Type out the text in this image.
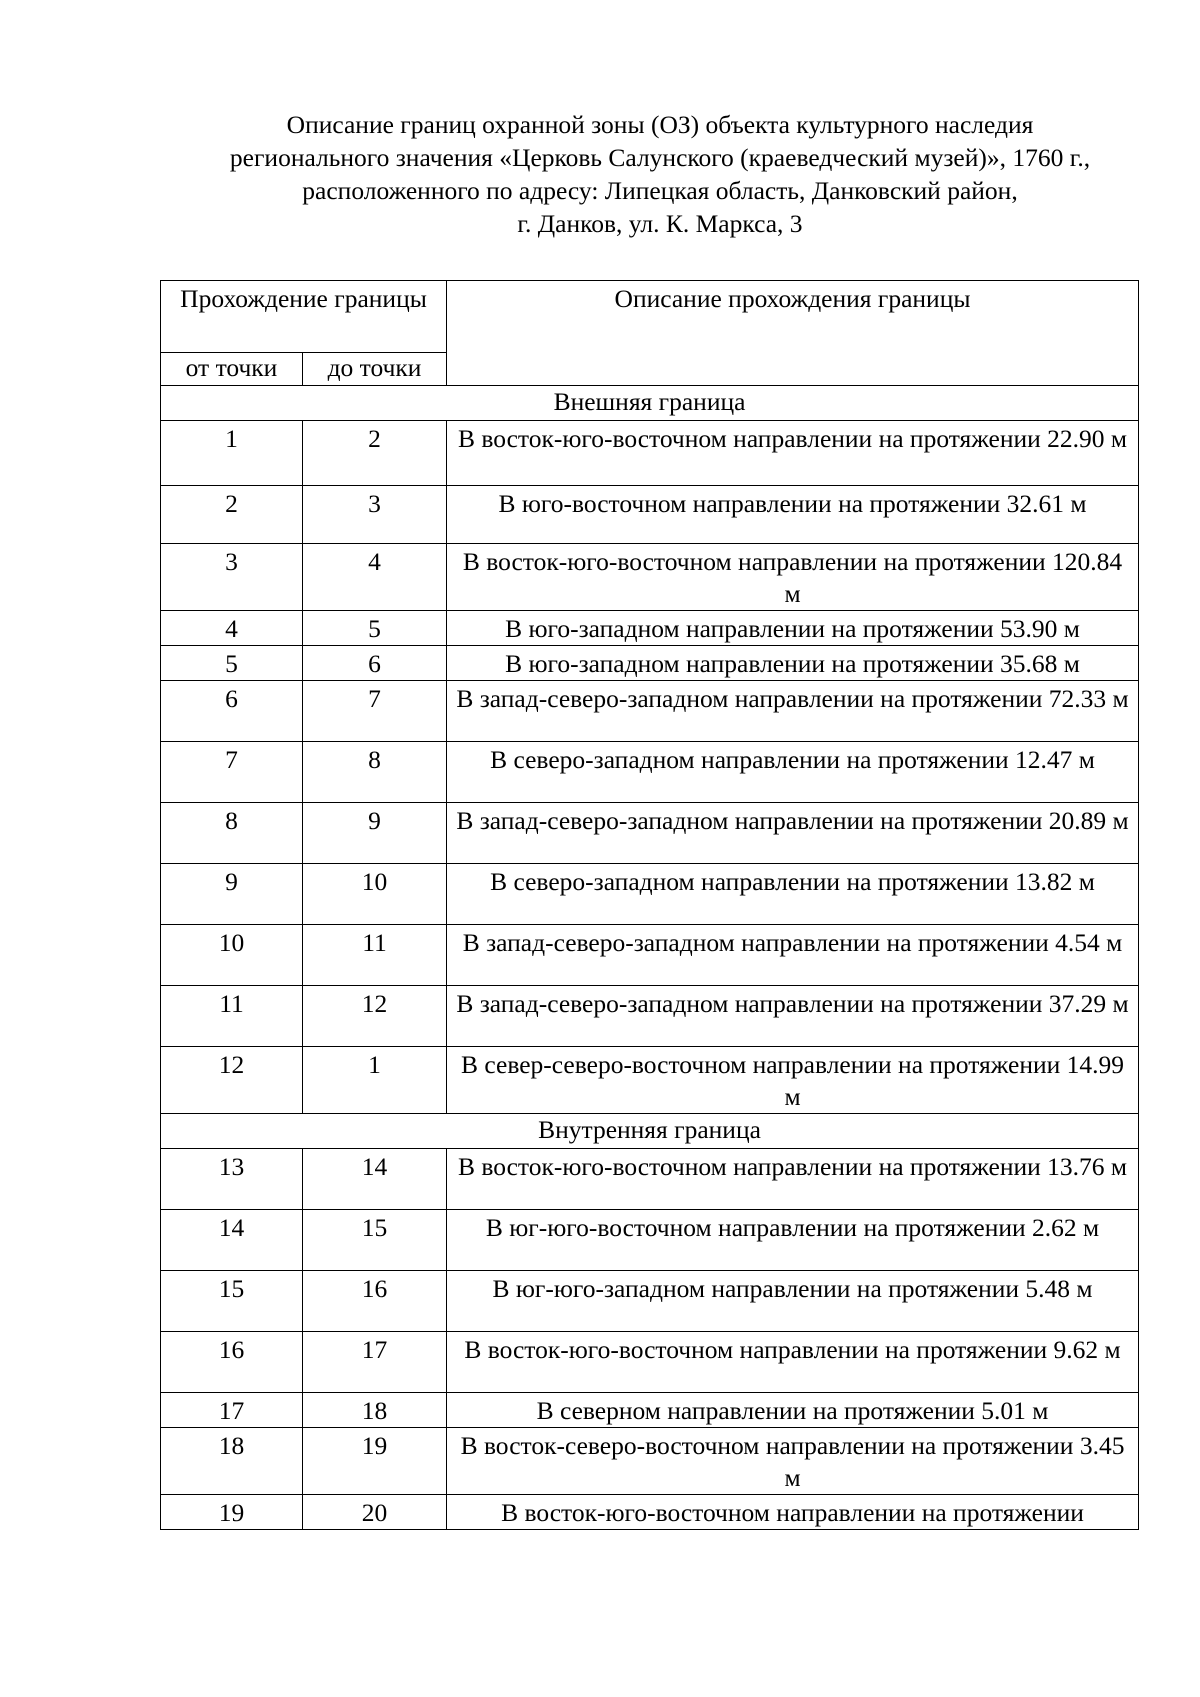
Описание границ охранной зоны (ОЗ) объекта культурного наследия
регионального значения «Церковь Салунского (краеведческий музей)», 1760 г.,
расположенного по адресу: Липецкая область, Данковский район,
г. Данков, ул. К. Маркса, 3
Прохождение границы		Описание прохождения границы
от точки	до точки	
Внешняя граница		
1	2	В восток-юго-восточном направлении на протяжении 22.90 м
2	3	В юго-восточном направлении на протяжении 32.61 м
3	4	В восток-юго-восточном направлении на протяжении 120.84 м
4	5	В юго-западном направлении на протяжении 53.90 м
5	6	В юго-западном направлении на протяжении 35.68 м
6	7	В запад-северо-западном направлении на протяжении 72.33 м
7	8	В северо-западном направлении на протяжении 12.47 м
8	9	В запад-северо-западном направлении на протяжении 20.89 м
9	10	В северо-западном направлении на протяжении 13.82 м
10	11	В запад-северо-западном направлении на протяжении 4.54 м
11	12	В запад-северо-западном направлении на протяжении 37.29 м
12	1	В север-северо-восточном направлении на протяжении 14.99 м
Внутренняя граница		
13	14	В восток-юго-восточном направлении на протяжении 13.76 м
14	15	В юг-юго-восточном направлении на протяжении 2.62 м
15	16	В юг-юго-западном направлении на протяжении 5.48 м
16	17	В восток-юго-восточном направлении на протяжении 9.62 м
17	18	В северном направлении на протяжении 5.01 м
18	19	В восток-северо-восточном направлении на протяжении 3.45 м
19	20	В восток-юго-восточном направлении на протяжении
